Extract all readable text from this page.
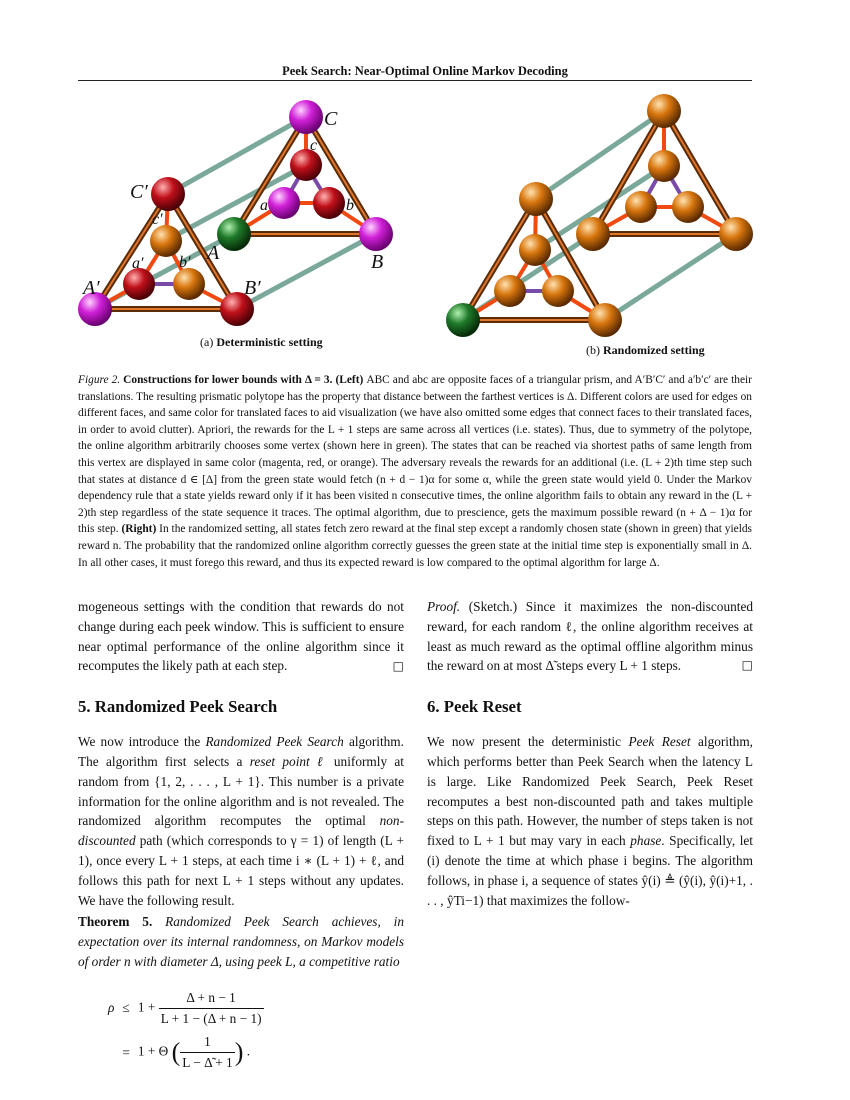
Peek Search: Near-Optimal Online Markov Decoding
C
c
a	b
A	B
C′
c′
a′ b′
A′	B′
(a) Deterministic setting
(b) Randomized setting
Figure 2. Constructions for lower bounds with Δ = 3. (Left) ABC and abc are opposite faces of a triangular prism, and A′B′C′ and a′b′c′ are their translations. The resulting prismatic polytope has the property that distance between the farthest vertices is Δ. Different colors are used for edges on different faces, and same color for translated faces to aid visualization (we have also omitted some edges that connect faces to their translated faces, in order to avoid clutter). Apriori, the rewards for the L + 1 steps are same across all vertices (i.e. states). Thus, due to symmetry of the polytope, the online algorithm arbitrarily chooses some vertex (shown here in green). The states that can be reached via shortest paths of same length from this vertex are displayed in same color (magenta, red, or orange). The adversary reveals the rewards for an additional (i.e. (L + 2)th time step such that states at distance d ∈ [Δ] from the green state would fetch (n + d − 1)α for some α, while the green state would yield 0. Under the Markov dependency rule that a state yields reward only if it has been visited n consecutive times, the online algorithm fails to obtain any reward in the (L + 2)th step regardless of the state sequence it traces. The optimal algorithm, due to prescience, gets the maximum possible reward (n + Δ − 1)α for this step. (Right) In the randomized setting, all states fetch zero reward at the final step except a randomly chosen state (shown in green) that yields reward n. The probability that the randomized online algorithm correctly guesses the green state at the initial time step is exponentially small in Δ. In all other cases, it must forego this reward, and thus its expected reward is low compared to the optimal algorithm for large Δ.

mogeneous settings with the condition that rewards do not change during each peek window. This is sufficient to ensure near optimal performance of the online algorithm since it recomputes the likely path at each step.	□
5. Randomized Peek Search

We now introduce the Randomized Peek Search algorithm. The algorithm first selects a reset point ℓ uniformly at random from {1, 2, . . . , L + 1}. This number is a private information for the online algorithm and is not revealed. The randomized algorithm recomputes the optimal non-discounted path (which corresponds to γ = 1) of length (L + 1), once every L + 1 steps, at each time i ∗ (L + 1) + ℓ, and follows this path for next L + 1 steps without any updates. We have the following result.

Theorem 5. Randomized Peek Search achieves, in expectation over its internal randomness, on Markov models of order n with diameter Δ, using peek L, a competitive ratio

ρ	≤	$1 + \frac{\Delta + n - 1}{L + 1 - (\Delta + n - 1)}$

	=	1 + Θ ( $\frac{1}{L - \Deltã + 1}$ ) .

Proof. (Sketch.) Since it maximizes the non-discounted reward, for each random ℓ, the online algorithm receives at least as much reward as the optimal offline algorithm minus the reward on at most Δ̃ steps every L + 1 steps.	□

6. Peek Reset

We now present the deterministic Peek Reset algorithm, which performs better than Peek Search when the latency L is large. Like Randomized Peek Search, Peek Reset recomputes a best non-discounted path and takes multiple steps on this path. However, the number of steps taken is not fixed to L + 1 but may vary in each phase. Specifically, let (i) denote the time at which phase i begins. The algorithm follows, in phase i, a sequence of states ŷ(i) ≜ (ŷ(i), ŷ(i)+1, . . . , ŷTi−1) that maximizes the follow-
